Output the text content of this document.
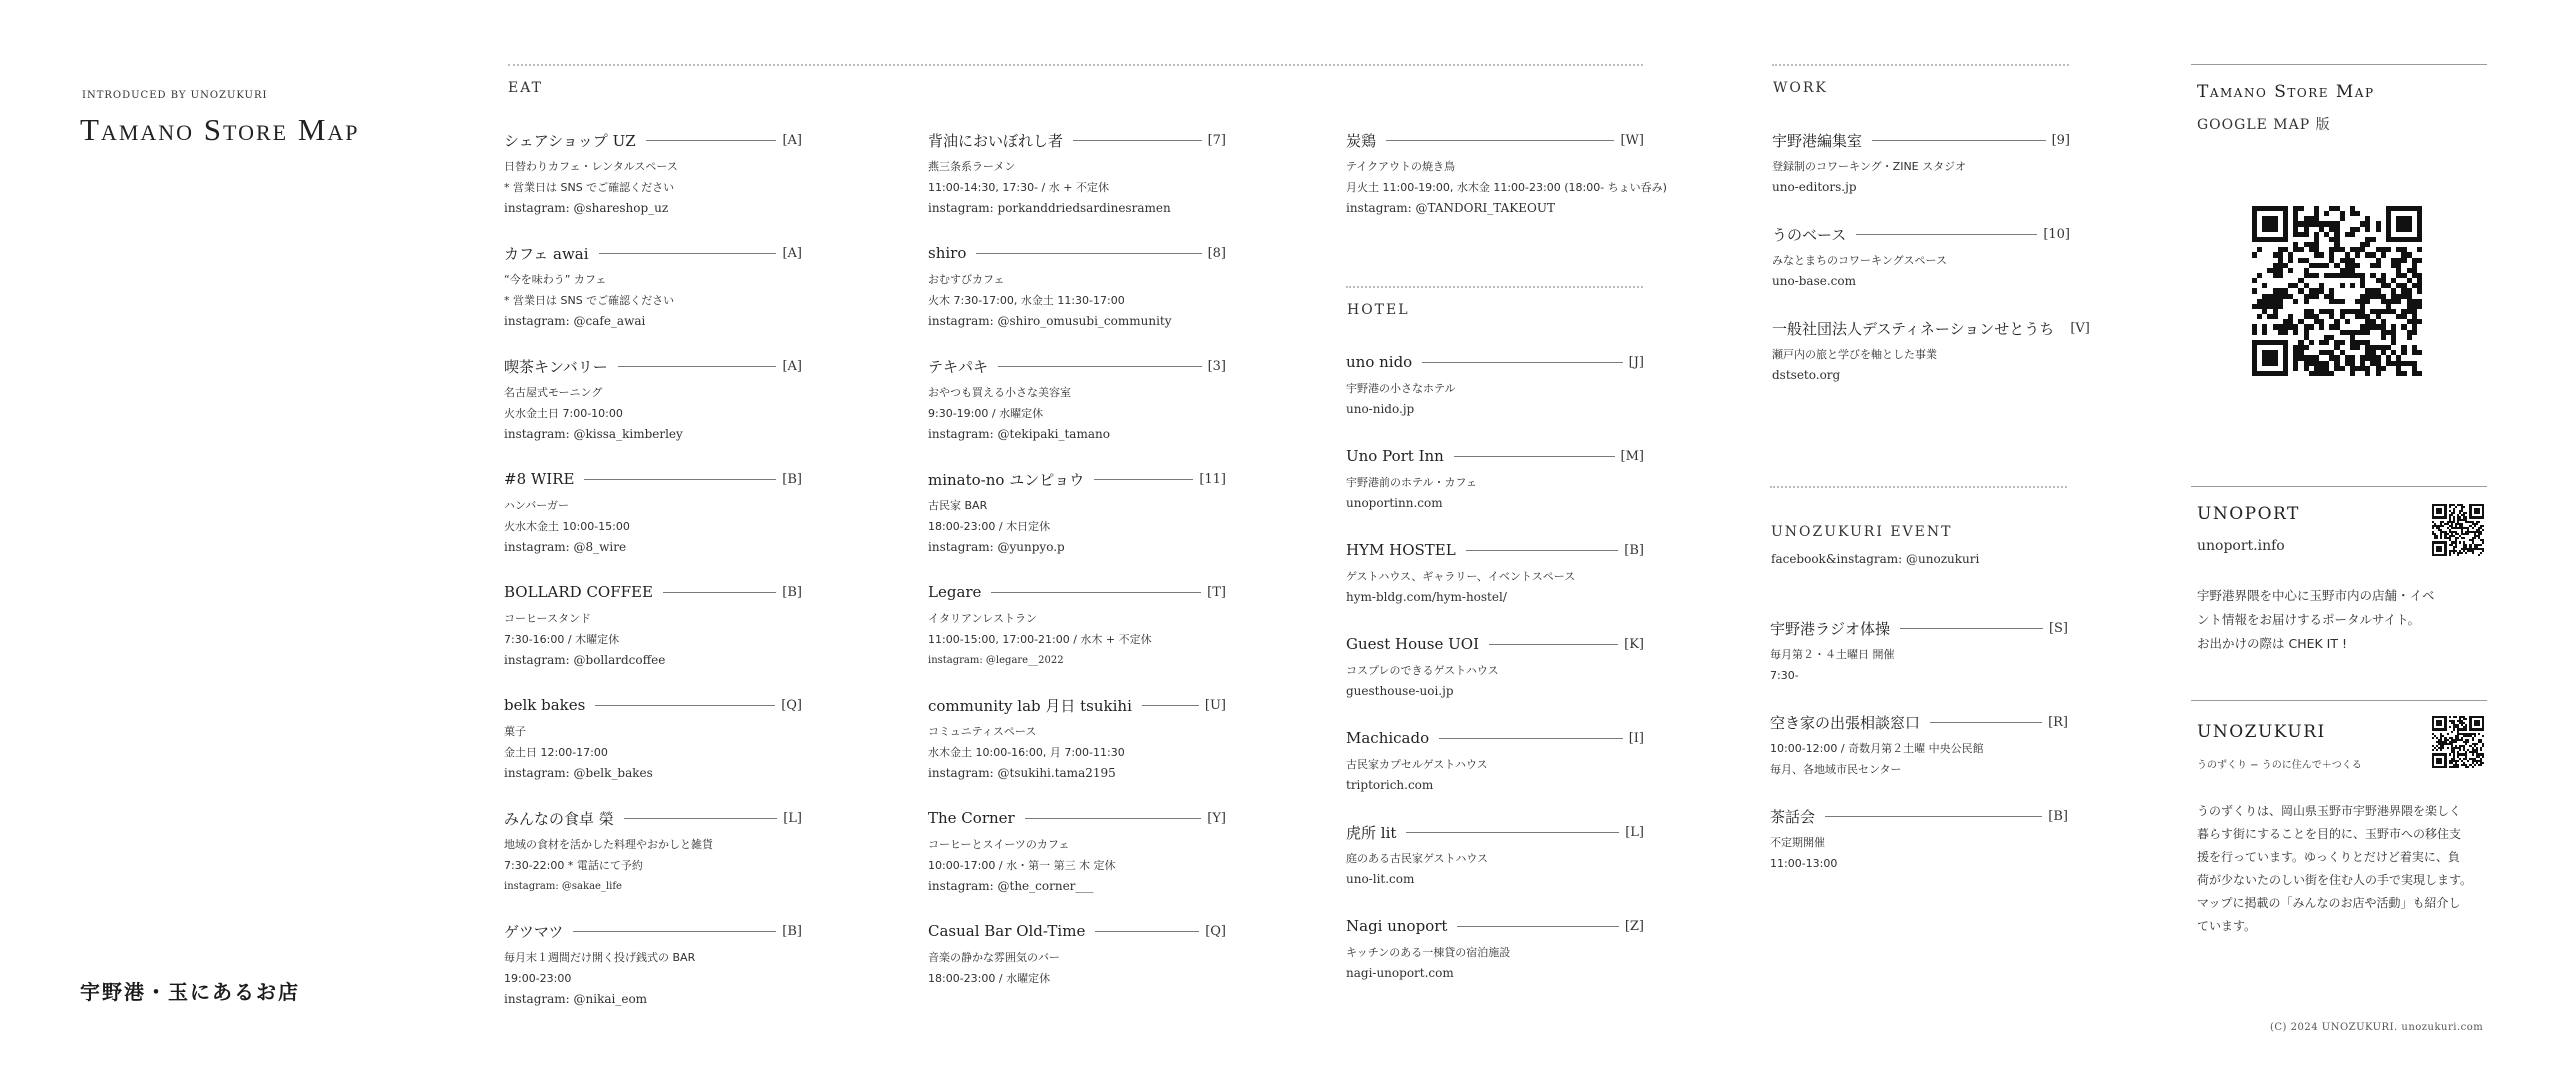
INTRODUCED BY UNOZUKURI
Tamano Store Map
宇野港・玉にあるお店
EAT
シェアショップ UZ	[A]
日替わりカフェ・レンタルスペース
* 営業日は SNS でご確認ください
instagram: @shareshop_uz
カフェ awai	[A]
“今を味わう” カフェ
* 営業日は SNS でご確認ください
instagram: @cafe_awai
喫茶キンバリー	[A]
名古屋式モーニング
火水金土日 7:00-10:00
instagram: @kissa_kimberley
#8 WIRE	[B]
ハンバーガー
火水木金土 10:00-15:00
instagram: @8_wire
BOLLARD COFFEE	[B]
コーヒースタンド
7:30-16:00 / 木曜定休
instagram: @bollardcoffee
belk bakes	[Q]
菓子
金土日 12:00-17:00
instagram: @belk_bakes
みんなの食卓 榮	[L]
地域の食材を活かした料理やおかしと雑貨
7:30-22:00 * 電話にて予約
instagram: @sakae_life
ゲツマツ	[B]
毎月末１週間だけ開く投げ銭式の BAR
19:00-23:00
instagram: @nikai_eom
背油においぼれし者	[7]
燕三条系ラーメン
11:00-14:30, 17:30- / 水 + 不定休
instagram: porkanddriedsardinesramen
shiro	[8]
おむすびカフェ
火木 7:30-17:00, 水金土 11:30-17:00
instagram: @shiro_omusubi_community
テキパキ	[3]
おやつも買える小さな美容室
9:30-19:00 / 水曜定休
instagram: @tekipaki_tamano
minato-no ユンピョウ	[11]
古民家 BAR
18:00-23:00 / 木日定休
instagram: @yunpyo.p
Legare	[T]
イタリアンレストラン
11:00-15:00, 17:00-21:00 / 水木 + 不定休
instagram: @legare__2022
community lab 月日 tsukihi	[U]
コミュニティスペース
水木金土 10:00-16:00, 月 7:00-11:30
instagram: @tsukihi.tama2195
The Corner	[Y]
コーヒーとスイーツのカフェ
10:00-17:00 / 水・第一 第三 木 定休
instagram: @the_corner___
Casual Bar Old-Time	[Q]
音楽の静かな雰囲気のバー
18:00-23:00 / 水曜定休
炭鶏	[W]
テイクアウトの焼き鳥
月火土 11:00-19:00, 水木金 11:00-23:00 (18:00- ちょい呑み)
instagram: @TANDORI_TAKEOUT
HOTEL
uno nido	[J]
宇野港の小さなホテル
uno-nido.jp
Uno Port Inn	[M]
宇野港前のホテル・カフェ
unoportinn.com
HYM HOSTEL	[B]
ゲストハウス、ギャラリー、イベントスペース
hym-bldg.com/hym-hostel/
Guest House UOI	[K]
コスプレのできるゲストハウス
guesthouse-uoi.jp
Machicado	[I]
古民家カプセルゲストハウス
triptorich.com
虎所 lit	[L]
庭のある古民家ゲストハウス
uno-lit.com
Nagi unoport	[Z]
キッチンのある一棟貸の宿泊施設
nagi-unoport.com
WORK
宇野港編集室	[9]
登録制のコワーキング・ZINE スタジオ
uno-editors.jp
うのベース	[10]
みなとまちのコワーキングスペース
uno-base.com
一般社団法人デスティネーションせとうち [V]
瀬戸内の旅と学びを軸とした事業
dstseto.org
UNOZUKURI EVENT
facebook&instagram: @unozukuri
宇野港ラジオ体操	[S]
毎月第２・４土曜日 開催
7:30-
空き家の出張相談窓口	[R]
10:00-12:00 / 奇数月第２土曜 中央公民館
毎月、各地域市民センター
茶話会	[B]
不定期開催
11:00-13:00
Tamano Store Map
GOOGLE MAP 版
UNOPORT
unoport.info
宇野港界隈を中心に玉野市内の店舗・イベ
ント情報をお届けするポータルサイト。
お出かけの際は CHEK IT !
UNOZUKURI
うのずくり − うのに住んで＋つくる
うのずくりは、岡山県玉野市宇野港界隈を楽しく
暮らす街にすることを目的に、玉野市への移住支
援を行っています。ゆっくりとだけど着実に、負
荷が少ないたのしい街を住む人の手で実現します。
マップに掲載の「みんなのお店や活動」も紹介し
ています。
(C) 2024 UNOZUKURI. unozukuri.com
